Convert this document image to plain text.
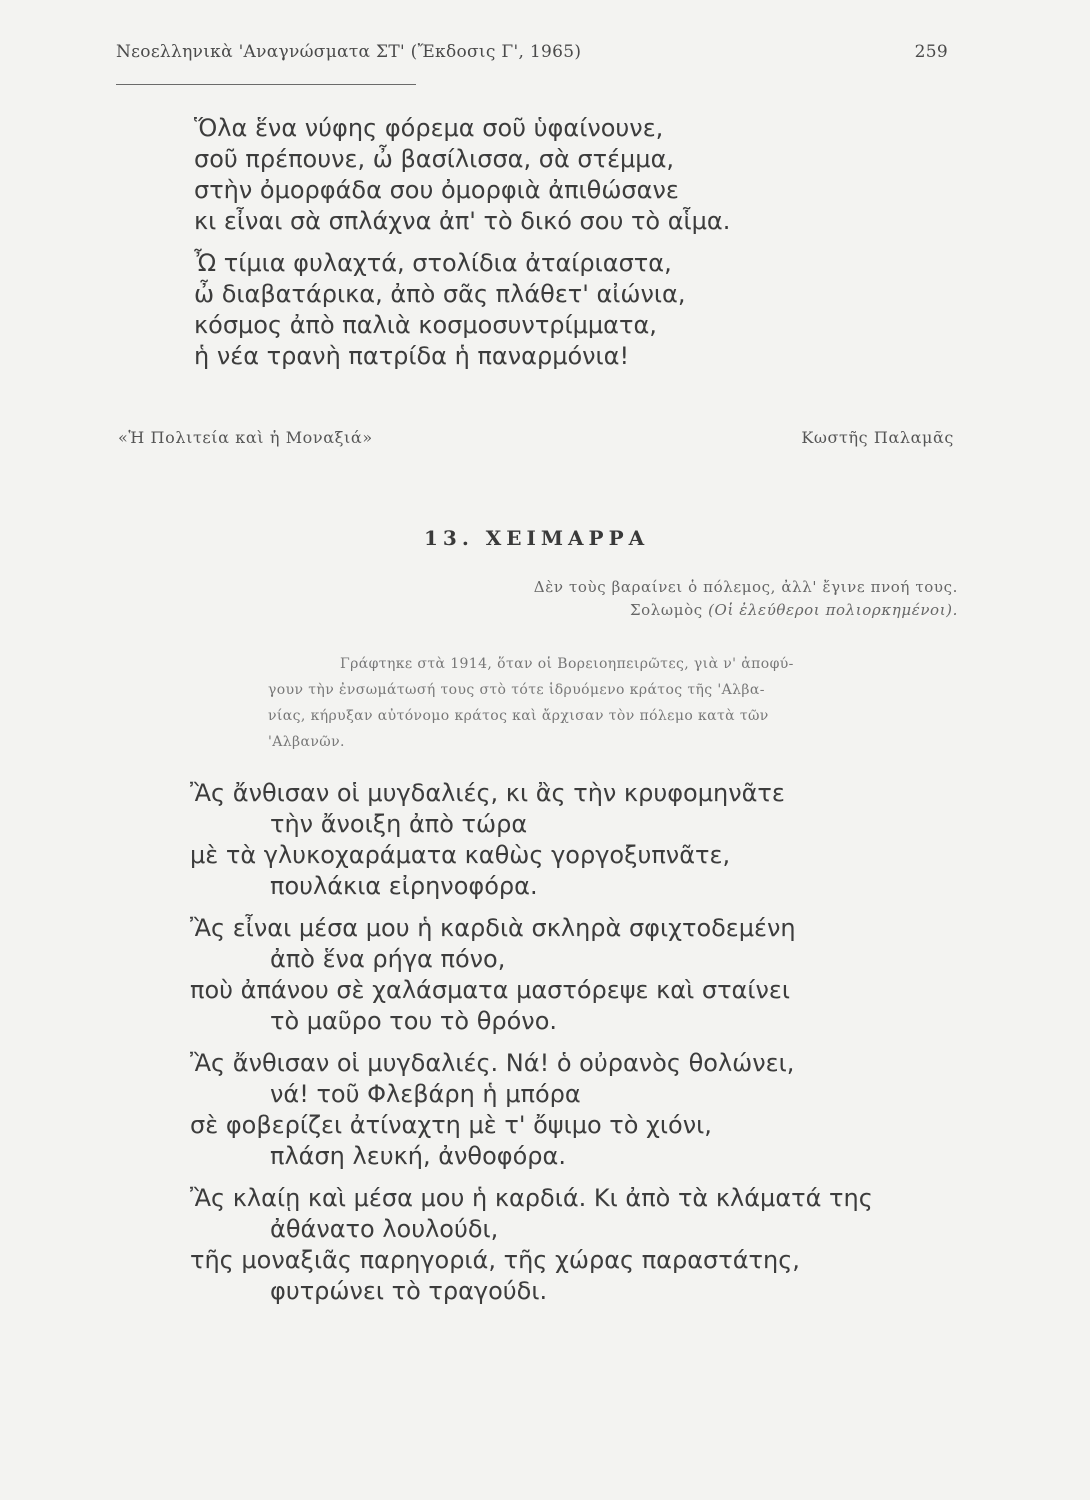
Νεοελληνικὰ 'Αναγνώσματα ΣΤ' (Ἔκδοσις Γ', 1965)	259
Ὅλα ἕνα νύφης φόρεμα σοῦ ὑφαίνουνε,
σοῦ πρέπουνε, ὦ βασίλισσα, σὰ στέμμα,
στὴν ὀμορφάδα σου ὀμορφιὰ ἀπιθώσανε
κι εἶναι σὰ σπλάχνα ἀπ' τὸ δικό σου τὸ αἷμα.
Ὦ τίμια φυλαχτά, στολίδια ἀταίριαστα,
ὦ διαβατάρικα, ἀπὸ σᾶς πλάθετ' αἰώνια,
κόσμος ἀπὸ παλιὰ κοσμοσυντρίμματα,
ἡ νέα τρανὴ πατρίδα ἡ παναρμόνια!
«Ἡ Πολιτεία καὶ ἡ Μοναξιά»	Κωστῆς Παλαμᾶς
13. ΧΕΙΜΑΡΡΑ
Δὲν τοὺς βαραίνει ὁ πόλεμος, ἀλλ' ἔγινε πνοή τους.
Σολωμὸς (Οἱ ἐλεύθεροι πολιορκημένοι).
Γράφτηκε στὰ 1914, ὅταν οἱ Βορειοηπειρῶτες, γιὰ ν' ἀποφύ-
γουν τὴν ἐνσωμάτωσή τους στὸ τότε ἱδρυόμενο κράτος τῆς 'Αλβα-
νίας, κήρυξαν αὐτόνομο κράτος καὶ ἄρχισαν τὸν πόλεμο κατὰ τῶν
'Αλβανῶν.
Ἂς ἄνθισαν οἱ μυγδαλιές, κι ἂς τὴν κρυφομηνᾶτε
τὴν ἄνοιξη ἀπὸ τώρα
μὲ τὰ γλυκοχαράματα καθὼς γοργοξυπνᾶτε,
πουλάκια εἰρηνοφόρα.
Ἂς εἶναι μέσα μου ἡ καρδιὰ σκληρὰ σφιχτοδεμένη
ἀπὸ ἕνα ρήγα πόνο,
ποὺ ἀπάνου σὲ χαλάσματα μαστόρεψε καὶ σταίνει
τὸ μαῦρο του τὸ θρόνο.
Ἂς ἄνθισαν οἱ μυγδαλιές. Νά! ὁ οὐρανὸς θολώνει,
νά! τοῦ Φλεβάρη ἡ μπόρα
σὲ φοβερίζει ἀτίναχτη μὲ τ' ὄψιμο τὸ χιόνι,
πλάση λευκή, ἀνθοφόρα.
Ἂς κλαίῃ καὶ μέσα μου ἡ καρδιά. Κι ἀπὸ τὰ κλάματά της
ἀθάνατο λουλούδι,
τῆς μοναξιᾶς παρηγοριά, τῆς χώρας παραστάτης,
φυτρώνει τὸ τραγούδι.
